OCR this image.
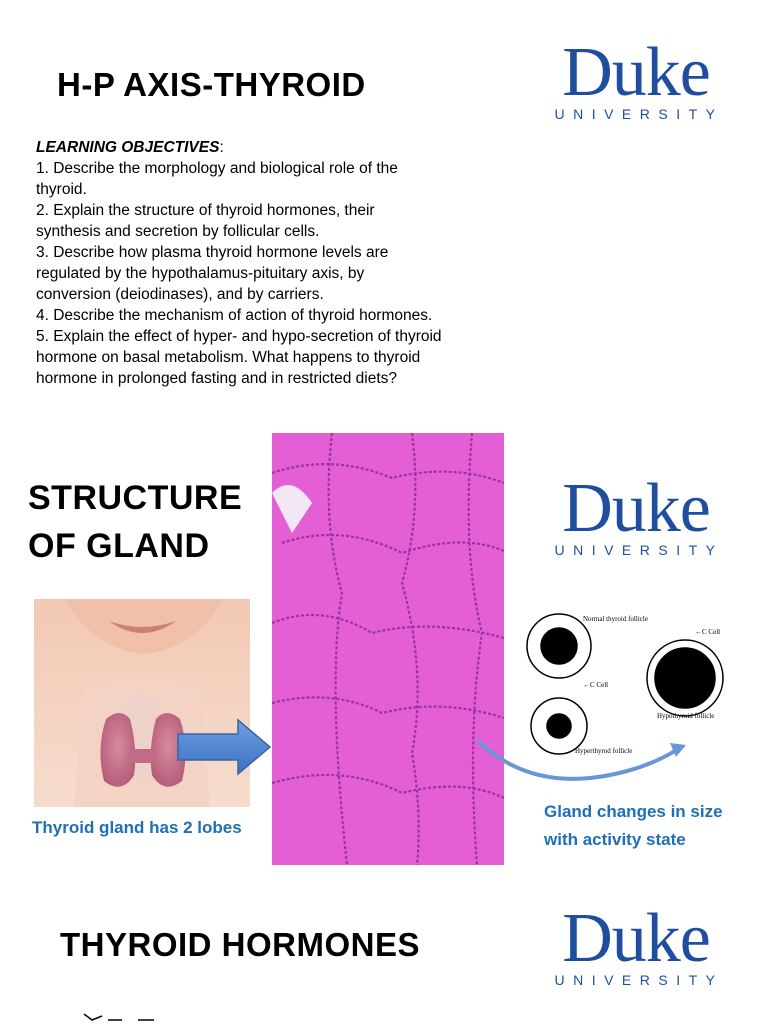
H-P AXIS-THYROID	Duke
UNIVERSITY
LEARNING OBJECTIVES:
1. Describe the morphology and biological role of the
thyroid.
2. Explain the structure of thyroid hormones, their
synthesis and secretion by follicular cells.
3. Describe how plasma thyroid hormone levels are
regulated by the hypothalamus-pituitary axis, by
conversion (deiodinases), and by carriers.
4. Describe the mechanism of action of thyroid hormones.
5. Explain the effect of hyper- and hypo-secretion of thyroid
hormone on basal metabolism. What happens to thyroid
hormone in prolonged fasting and in restricted diets?
STRUCTURE
OF GLAND	Duke
UNIVERSITY
Normal thyroid follicle
←C Cell
←C Cell
Hypothyroid follicle
Hyperthyrod follicle
Thyroid gland has 2 lobes
Gland changes in size
with activity state
THYROID HORMONES	Duke
UNIVERSITY
